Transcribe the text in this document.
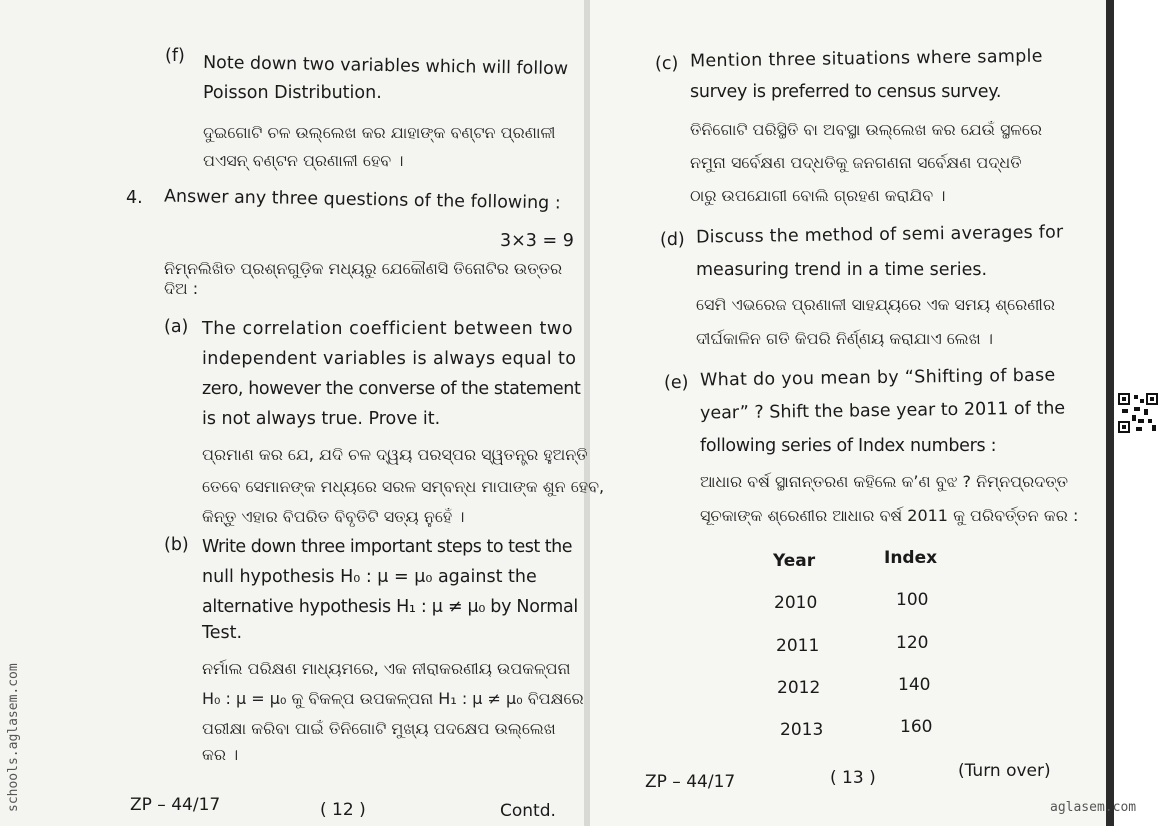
(f) Note down two variables which will follow
Poisson Distribution.
ଦୁଇଗୋଟି ଚଳ ଉଲ୍ଲେଖ କର ଯାହାଙ୍କ ବଣ୍ଟନ ପ୍ରଣାଳୀ
ପଏସନ୍ ବଣ୍ଟନ ପ୍ରଣାଳୀ ହେବ ।
4. Answer any three questions of the following :
3×3 = 9
ନିମ୍ନଲିଖିତ ପ୍ରଶ୍ନଗୁଡ଼ିକ ମଧ୍ୟରୁ ଯେକୌଣସି ତିନୋଟିର ଉତ୍ତର
ଦିଅ :
(a) The correlation coefficient between two
independent variables is always equal to
zero, however the converse of the statement
is not always true. Prove it.
ପ୍ରମାଣ କର ଯେ, ଯଦି ଚଳ ଦ୍ୱୟ ପରସ୍ପର ସ୍ୱତନ୍ତ୍ର ହୁଅନ୍ତି
ତେବେ ସେମାନଙ୍କ ମଧ୍ୟରେ ସରଳ ସମ୍ବନ୍ଧ ମାପାଙ୍କ ଶୁନ ହେବ,
କିନ୍ତୁ ଏହାର ବିପରିତ ବିବୃତିଟି ସତ୍ୟ ନୁହେଁ ।
(b) Write down three important steps to test the
null hypothesis H₀ : μ = μ₀ against the
alternative hypothesis H₁ : μ ≠ μ₀ by Normal
Test.
ନର୍ମାଲ ପରିକ୍ଷଣ ମାଧ୍ୟମରେ, ଏକ ନୀରାକରଣୀୟ ଉପକଳ୍ପନା
H₀ : μ = μ₀ କୁ ବିକଳ୍ପ ଉପକଳ୍ପନା H₁ : μ ≠ μ₀ ବିପକ୍ଷରେ
ପରୀକ୍ଷା କରିବା ପାଇଁ ତିନିଗୋଟି ମୁଖ୍ୟ ପଦକ୍ଷେପ ଉଲ୍ଲେଖ
କର ।
ZP – 44/17	( 12 )	Contd.
(c) Mention three situations where sample
survey is preferred to census survey.
ତିନିଗୋଟି ପରିସ୍ଥିତି ବା ଅବସ୍ଥା ଉଲ୍ଲେଖ କର ଯେଉଁ ସ୍ଥଳରେ
ନମୁନା ସର୍ବେକ୍ଷଣ ପଦ୍ଧତିକୁ ଜନଗଣନା ସର୍ବେକ୍ଷଣ ପଦ୍ଧତି
ଠାରୁ ଉପଯୋଗୀ ବୋଲି ଗ୍ରହଣ କରାଯିବ ।
(d) Discuss the method of semi averages for
measuring trend in a time series.
ସେମି ଏଭରେଜ ପ୍ରଣାଳୀ ସାହଯ୍ୟରେ ଏକ ସମୟ ଶ୍ରେଣୀର
ଦୀର୍ଘକାଳିନ ଗତି କିପରି ନିର୍ଣ୍ଣୟ କରାଯାଏ ଲେଖ ।
(e) What do you mean by “Shifting of base
year” ? Shift the base year to 2011 of the
following series of Index numbers :
ଆଧାର ବର୍ଷ ସ୍ଥାନାନ୍ତରଣ କହିଲେ କ’ଣ ବୁଝ ? ନିମ୍ନପ୍ରଦତ୍ତ
ସୂଚକାଙ୍କ ଶ୍ରେଣୀର ଆଧାର ବର୍ଷ 2011 କୁ ପରିବର୍ତ୍ତନ କର :
Year	Index
2010	100
2011	120
2012	140
2013	160
ZP – 44/17	( 13 )	(Turn over)
schools.aglasem.com	aglasem.com
